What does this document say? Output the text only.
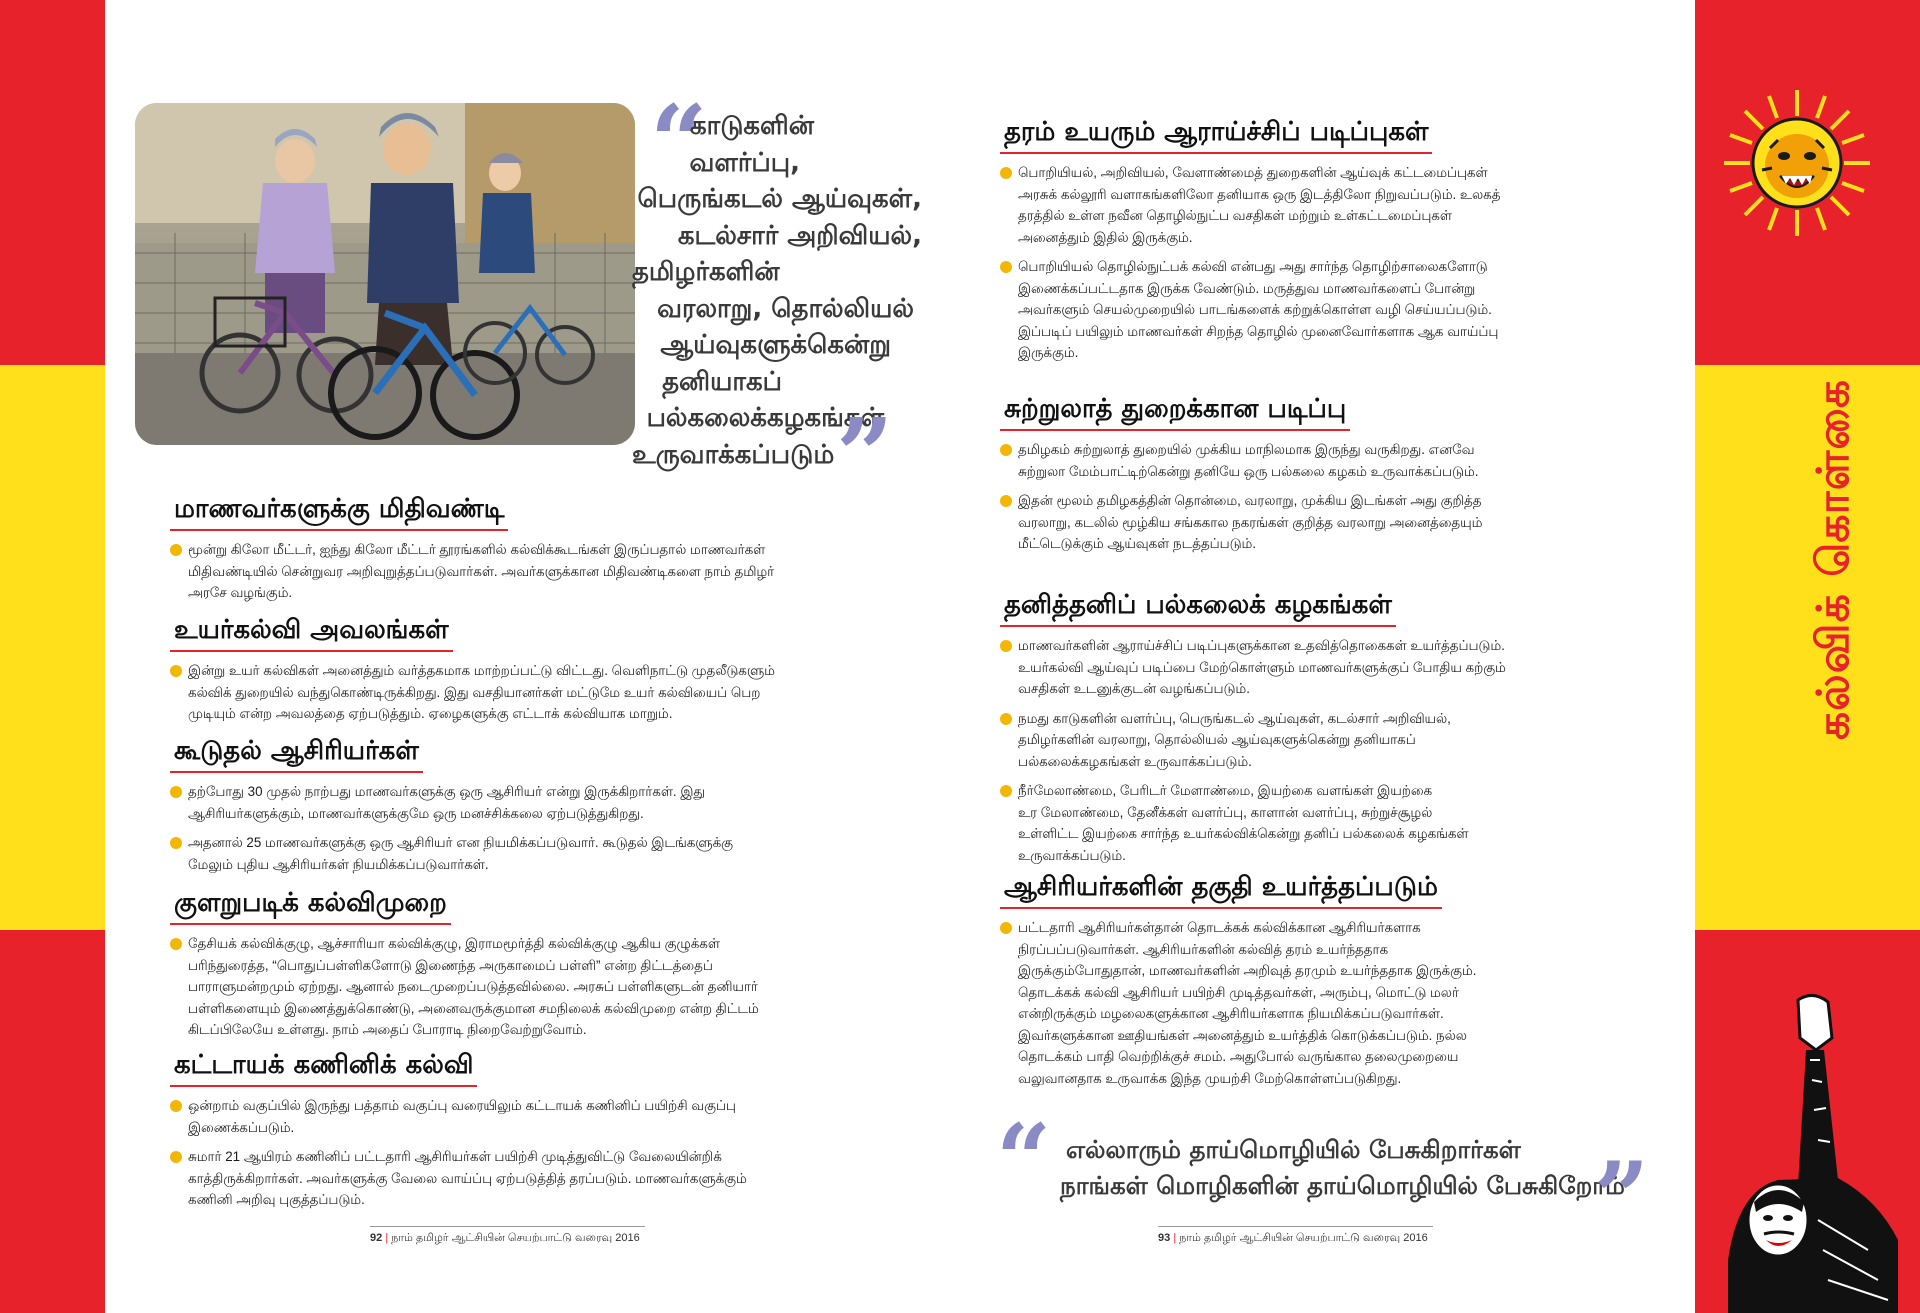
கல்விக் கொள்கை
“
காடுகளின்
வளர்ப்பு,
பெருங்கடல் ஆய்வுகள்,
கடல்சார் அறிவியல்,
தமிழர்களின்
வரலாறு, தொல்லியல்
ஆய்வுகளுக்கென்று
தனியாகப்
பல்கலைக்கழகங்கள்
உருவாக்கப்படும் ”
மாணவர்களுக்கு மிதிவண்டி
மூன்று கிலோ மீட்டர், ஐந்து கிலோ மீட்டர் தூரங்களில் கல்விக்கூடங்கள் இருப்பதால் மாணவர்கள்
மிதிவண்டியில் சென்றுவர அறிவுறுத்தப்படுவார்கள். அவர்களுக்கான மிதிவண்டிகளை நாம் தமிழர்
அரசே வழங்கும்.
உயர்கல்வி அவலங்கள்
இன்று உயர் கல்விகள் அனைத்தும் வர்த்தகமாக மாற்றப்பட்டு விட்டது. வெளிநாட்டு முதலீடுகளும்
கல்விக் துறையில் வந்துகொண்டிருக்கிறது. இது வசதியானர்கள் மட்டுமே உயர் கல்வியைப் பெற
முடியும் என்ற அவலத்தை ஏற்படுத்தும். ஏழைகளுக்கு எட்டாக் கல்வியாக மாறும்.
கூடுதல் ஆசிரியர்கள்
தற்போது 30 முதல் நாற்பது மாணவர்களுக்கு ஒரு ஆசிரியர் என்று இருக்கிறார்கள். இது
ஆசிரியர்களுக்கும், மாணவர்களுக்குமே ஒரு மனச்சிக்கலை ஏற்படுத்துகிறது.
அதனால் 25 மாணவர்களுக்கு ஒரு ஆசிரியர் என நியமிக்கப்படுவார். கூடுதல் இடங்களுக்கு
மேலும் புதிய ஆசிரியர்கள் நியமிக்கப்படுவார்கள்.
குளறுபடிக் கல்விமுறை
தேசியக் கல்விக்குழு, ஆச்சாரியா கல்விக்குழு, இராமமூர்த்தி கல்விக்குழு ஆகிய குழுக்கள்
பரிந்துரைத்த, “பொதுப்பள்ளிகளோடு இணைந்த அருகாமைப் பள்ளி” என்ற திட்டத்தைப்
பாராளுமன்றமும் ஏற்றது. ஆனால் நடைமுறைப்படுத்தவில்லை. அரசுப் பள்ளிகளுடன் தனியார்
பள்ளிகளையும் இணைத்துக்கொண்டு, அனைவருக்குமான சமநிலைக் கல்விமுறை என்ற திட்டம்
கிடப்பிலேயே உள்ளது. நாம் அதைப் போராடி நிறைவேற்றுவோம்.
கட்டாயக் கணினிக் கல்வி
ஒன்றாம் வகுப்பில் இருந்து பத்தாம் வகுப்பு வரையிலும் கட்டாயக் கணினிப் பயிற்சி வகுப்பு
இணைக்கப்படும்.
சுமார் 21 ஆயிரம் கணினிப் பட்டதாரி ஆசிரியர்கள் பயிற்சி முடித்துவிட்டு வேலையின்றிக்
காத்திருக்கிறார்கள். அவர்களுக்கு வேலை வாய்ப்பு ஏற்படுத்தித் தரப்படும். மாணவர்களுக்கும்
கணினி அறிவு புகுத்தப்படும்.
தரம் உயரும் ஆராய்ச்சிப் படிப்புகள்
பொறியியல், அறிவியல், வேளாண்மைத் துறைகளின் ஆய்வுக் கட்டமைப்புகள்
அரசுக் கல்லூரி வளாகங்களிலோ தனியாக ஒரு இடத்திலோ நிறுவப்படும். உலகத்
தரத்தில் உள்ள நவீன தொழில்நுட்ப வசதிகள் மற்றும் உள்கட்டமைப்புகள்
அனைத்தும் இதில் இருக்கும்.
பொறியியல் தொழில்நுட்பக் கல்வி என்பது அது சார்ந்த தொழிற்சாலைகளோடு
இணைக்கப்பட்டதாக இருக்க வேண்டும். மருத்துவ மாணவர்களைப் போன்று
அவர்களும் செயல்முறையில் பாடங்களைக் கற்றுக்கொள்ள வழி செய்யப்படும்.
இப்படிப் பயிலும் மாணவர்கள் சிறந்த தொழில் முனைவோர்களாக ஆக வாய்ப்பு
இருக்கும்.
சுற்றுலாத் துறைக்கான படிப்பு
தமிழகம் சுற்றுலாத் துறையில் முக்கிய மாநிலமாக இருந்து வருகிறது. எனவே
சுற்றுலா மேம்பாட்டிற்கென்று தனியே ஒரு பல்கலை கழகம் உருவாக்கப்படும்.
இதன் மூலம் தமிழகத்தின் தொன்மை, வரலாறு, முக்கிய இடங்கள் அது குறித்த
வரலாறு, கடலில் மூழ்கிய சங்ககால நகரங்கள் குறித்த வரலாறு அனைத்தையும்
மீட்டெடுக்கும் ஆய்வுகள் நடத்தப்படும்.
தனித்தனிப் பல்கலைக் கழகங்கள்
மாணவர்களின் ஆராய்ச்சிப் படிப்புகளுக்கான உதவித்தொகைகள் உயர்த்தப்படும்.
உயர்கல்வி ஆய்வுப் படிப்பை மேற்கொள்ளும் மாணவர்களுக்குப் போதிய கற்கும்
வசதிகள் உடனுக்குடன் வழங்கப்படும்.
நமது காடுகளின் வளர்ப்பு, பெருங்கடல் ஆய்வுகள், கடல்சார் அறிவியல்,
தமிழர்களின் வரலாறு, தொல்லியல் ஆய்வுகளுக்கென்று தனியாகப்
பல்கலைக்கழகங்கள் உருவாக்கப்படும்.
நீர்மேலாண்மை, பேரிடர் மேளாண்மை, இயற்கை வளங்கள் இயற்கை
உர மேலாண்மை, தேனீக்கள் வளர்ப்பு, காளான் வளர்ப்பு, சுற்றுச்சூழல்
உள்ளிட்ட இயற்கை சார்ந்த உயர்கல்விக்கென்று தனிப் பல்கலைக் கழகங்கள்
உருவாக்கப்படும்.
ஆசிரியர்களின் தகுதி உயர்த்தப்படும்
பட்டதாரி ஆசிரியர்கள்தான் தொடக்கக் கல்விக்கான ஆசிரியர்களாக
நிரப்பப்படுவார்கள். ஆசிரியர்களின் கல்வித் தரம் உயர்ந்ததாக
இருக்கும்போதுதான், மாணவர்களின் அறிவுத் தரமும் உயர்ந்ததாக இருக்கும்.
தொடக்கக் கல்வி ஆசிரியர் பயிற்சி முடித்தவர்கள், அரும்பு, மொட்டு மலர்
என்றிருக்கும் மழலைகளுக்கான ஆசிரியர்களாக நியமிக்கப்படுவார்கள்.
இவர்களுக்கான ஊதியங்கள் அனைத்தும் உயர்த்திக் கொடுக்கப்படும். நல்ல
தொடக்கம் பாதி வெற்றிக்குச் சமம். அதுபோல் வருங்கால தலைமுறையை
வலுவானதாக உருவாக்க இந்த முயற்சி மேற்கொள்ளப்படுகிறது.
“ எல்லாரும் தாய்மொழியில் பேசுகிறார்கள்
நாங்கள் மொழிகளின் தாய்மொழியில் பேசுகிறோம்
”
92 | நாம் தமிழர் ஆட்சியின் செயற்பாட்டு வரைவு 2016	93 | நாம் தமிழர் ஆட்சியின் செயற்பாட்டு வரைவு 2016
